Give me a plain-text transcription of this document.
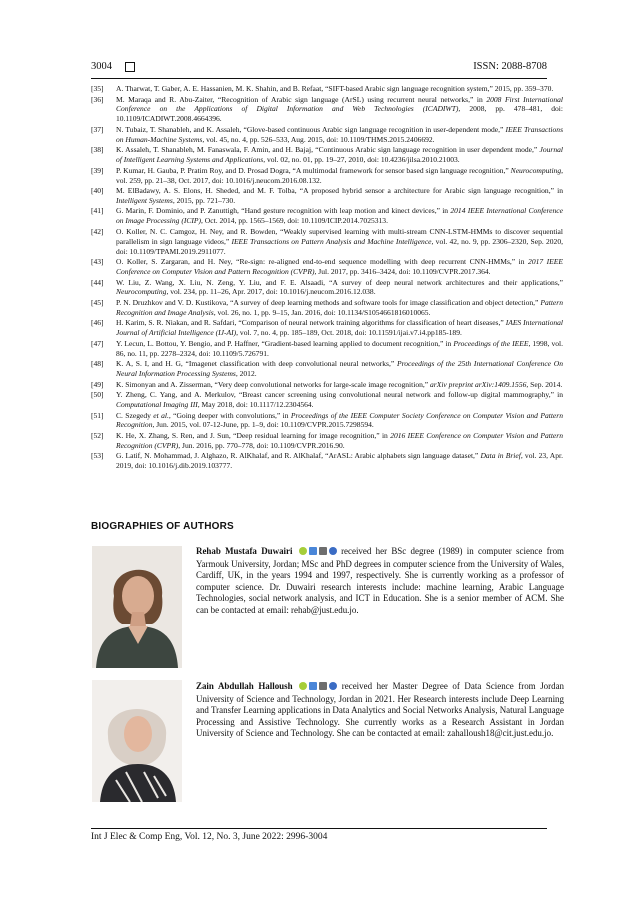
3004	ISSN: 2088-8708
[35]	A. Tharwat, T. Gaber, A. E. Hassanien, M. K. Shahin, and B. Refaat, “SIFT-based Arabic sign language recognition system,” 2015, pp. 359–370.
[36]	M. Maraqa and R. Abu-Zaiter, “Recognition of Arabic sign language (ArSL) using recurrent neural networks,” in 2008 First International Conference on the Applications of Digital Information and Web Technologies (ICADIWT), 2008, pp. 478–481, doi: 10.1109/ICADIWT.2008.4664396.
[37]	N. Tubaiz, T. Shanableh, and K. Assaleh, “Glove-based continuous Arabic sign language recognition in user-dependent mode,” IEEE Transactions on Human-Machine Systems, vol. 45, no. 4, pp. 526–533, Aug. 2015, doi: 10.1109/THMS.2015.2406692.
[38]	K. Assaleh, T. Shanableh, M. Fanaswala, F. Amin, and H. Bajaj, “Continuous Arabic sign language recognition in user dependent mode,” Journal of Intelligent Learning Systems and Applications, vol. 02, no. 01, pp. 19–27, 2010, doi: 10.4236/jilsa.2010.21003.
[39]	P. Kumar, H. Gauba, P. Pratim Roy, and D. Prosad Dogra, “A multimodal framework for sensor based sign language recognition,” Neurocomputing, vol. 259, pp. 21–38, Oct. 2017, doi: 10.1016/j.neucom.2016.08.132.
[40]	M. ElBadawy, A. S. Elons, H. Sheded, and M. F. Tolba, “A proposed hybrid sensor a architecture for Arabic sign language recognition,” in Intelligent Systems, 2015, pp. 721–730.
[41]	G. Marin, F. Dominio, and P. Zanuttigh, “Hand gesture recognition with leap motion and kinect devices,” in 2014 IEEE International Conference on Image Processing (ICIP), Oct. 2014, pp. 1565–1569, doi: 10.1109/ICIP.2014.7025313.
[42]	O. Koller, N. C. Camgoz, H. Ney, and R. Bowden, “Weakly supervised learning with multi-stream CNN-LSTM-HMMs to discover sequential parallelism in sign language videos,” IEEE Transactions on Pattern Analysis and Machine Intelligence, vol. 42, no. 9, pp. 2306–2320, Sep. 2020, doi: 10.1109/TPAMI.2019.2911077.
[43]	O. Koller, S. Zargaran, and H. Ney, “Re-sign: re-aligned end-to-end sequence modelling with deep recurrent CNN-HMMs,” in 2017 IEEE Conference on Computer Vision and Pattern Recognition (CVPR), Jul. 2017, pp. 3416–3424, doi: 10.1109/CVPR.2017.364.
[44]	W. Liu, Z. Wang, X. Liu, N. Zeng, Y. Liu, and F. E. Alsaadi, “A survey of deep neural network architectures and their applications,” Neurocomputing, vol. 234, pp. 11–26, Apr. 2017, doi: 10.1016/j.neucom.2016.12.038.
[45]	P. N. Druzhkov and V. D. Kustikova, “A survey of deep learning methods and software tools for image classification and object detection,” Pattern Recognition and Image Analysis, vol. 26, no. 1, pp. 9–15, Jan. 2016, doi: 10.1134/S1054661816010065.
[46]	H. Karim, S. R. Niakan, and R. Safdari, “Comparison of neural network training algorithms for classification of heart diseases,” IAES International Journal of Artificial Intelligence (IJ-AI), vol. 7, no. 4, pp. 185–189, Oct. 2018, doi: 10.11591/ijai.v7.i4.pp185-189.
[47]	Y. Lecun, L. Bottou, Y. Bengio, and P. Haffner, “Gradient-based learning applied to document recognition,” in Proceedings of the IEEE, 1998, vol. 86, no. 11, pp. 2278–2324, doi: 10.1109/5.726791.
[48]	K. A, S. I, and H. G, “Imagenet classification with deep convolutional neural networks,” Proceedings of the 25th International Conference On Neural Information Processing Systems, 2012.
[49]	K. Simonyan and A. Zisserman, “Very deep convolutional networks for large-scale image recognition,” arXiv preprint arXiv:1409.1556, Sep. 2014.
[50]	Y. Zheng, C. Yang, and A. Merkulov, “Breast cancer screening using convolutional neural network and follow-up digital mammography,” in Computational Imaging III, May 2018, doi: 10.1117/12.2304564.
[51]	C. Szegedy et al., “Going deeper with convolutions,” in Proceedings of the IEEE Computer Society Conference on Computer Vision and Pattern Recognition, Jun. 2015, vol. 07-12-June, pp. 1–9, doi: 10.1109/CVPR.2015.7298594.
[52]	K. He, X. Zhang, S. Ren, and J. Sun, “Deep residual learning for image recognition,” in 2016 IEEE Conference on Computer Vision and Pattern Recognition (CVPR), Jun. 2016, pp. 770–778, doi: 10.1109/CVPR.2016.90.
[53]	G. Latif, N. Mohammad, J. Alghazo, R. AlKhalaf, and R. AlKhalaf, “ArASL: Arabic alphabets sign language dataset,” Data in Brief, vol. 23, Apr. 2019, doi: 10.1016/j.dib.2019.103777.
BIOGRAPHIES OF AUTHORS
Rehab Mustafa Duwairi	received her BSc degree (1989) in computer science from Yarmouk University, Jordan; MSc and PhD degrees in computer science from the University of Wales, Cardiff, UK, in the years 1994 and 1997, respectively. She is currently working as a professor of computer science. Dr. Duwairi research interests include: machine learning, Arabic Language Technologies, social network analysis, and ICT in Education. She is a senior member of ACM. She can be contacted at email: rehab@just.edu.jo.
Zain Abdullah Halloush	received her Master Degree of Data Science from Jordan University of Science and Technology, Jordan in 2021. Her Research interests include Deep Learning and Transfer Learning applications in Data Analytics and Social Networks Analysis, Natural Language Processing and Assistive Technology. She currently works as a Research Assistant in Jordan University of Science and Technology. She can be contacted at email: zahalloush18@cit.just.edu.jo.
Int J Elec & Comp Eng, Vol. 12, No. 3, June 2022: 2996-3004
